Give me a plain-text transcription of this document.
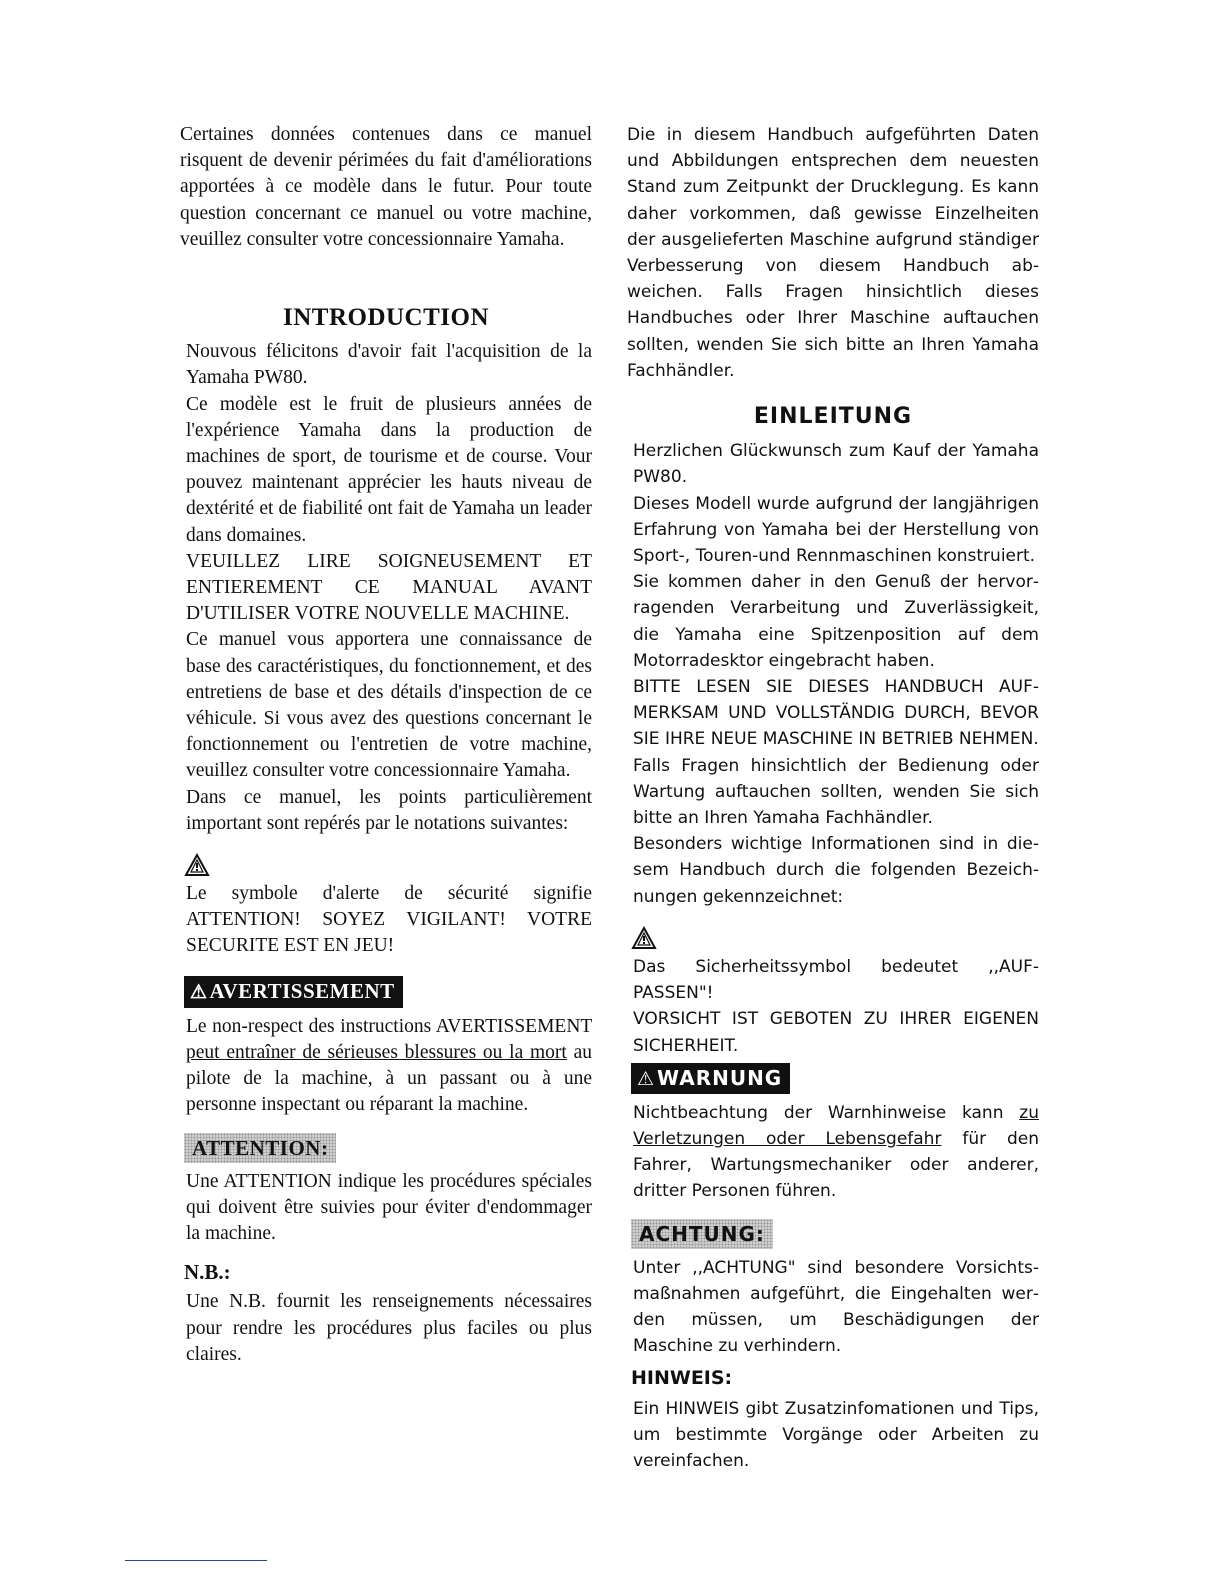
Certaines données contenues dans ce manuel risquent de devenir périmées du fait d'améliorations apportées à ce modèle dans le futur. Pour toute question concernant ce manuel ou votre machine, veuillez consulter votre concessionnaire Yamaha.

INTRODUCTION

Nouvous félicitons d'avoir fait l'acquisition de la Yamaha PW80.

Ce modèle est le fruit de plusieurs années de l'expérience Yamaha dans la production de machines de sport, de tourisme et de course. Vour pouvez maintenant apprécier les hauts niveau de dextérité et de fiabilité ont fait de Yamaha un leader dans domaines.

VEUILLEZ LIRE SOIGNEUSEMENT ET ENTIEREMENT CE MANUAL AVANT D'UTILISER VOTRE NOUVELLE MACHINE.

Ce manuel vous apportera une connaissance de base des caractéristiques, du fonctionnement, et des entretiens de base et des détails d'inspection de ce véhicule. Si vous avez des questions concernant le fonctionnement ou l'entretien de votre machine, veuillez consulter votre concessionnaire Yamaha.

Dans ce manuel, les points particulièrement important sont repérés par le notations suivantes:

Le symbole d'alerte de sécurité signifie ATTENTION! SOYEZ VIGILANT! VOTRE SECURITE EST EN JEU!

⚠AVERTISSEMENT

Le non-respect des instructions AVERTISSEMENT peut entraîner de sérieuses blessures ou la mort au pilote de la machine, à un passant ou à une personne inspectant ou réparant la machine.

ATTENTION:

Une ATTENTION indique les procédures spéciales qui doivent être suivies pour éviter d'endommager la machine.

N.B.:

Une N.B. fournit les renseignements nécessaires pour rendre les procédures plus faciles ou plus claires.

Die in diesem Handbuch aufgeführten Daten und Abbildungen entsprechen dem neuesten Stand zum Zeitpunkt der Drucklegung. Es kann daher vorkommen, daß gewisse Einzelheiten der ausgelieferten Maschine aufgrund ständiger Verbesserung von diesem Handbuch abweichen. Falls Fragen hinsichtlich dieses Handbuches oder Ihrer Maschine auftauchen sollten, wenden Sie sich bitte an Ihren Yamaha Fachhändler.

EINLEITUNG

Herzlichen Glückwunsch zum Kauf der Yamaha PW80.

Dieses Modell wurde aufgrund der langjährigen Erfahrung von Yamaha bei der Herstellung von Sport-, Touren-und Rennmaschinen konstruiert.

Sie kommen daher in den Genuß der hervorragenden Verarbeitung und Zuverlässigkeit, die Yamaha eine Spitzenposition auf dem Motorradesktor eingebracht haben.

BITTE LESEN SIE DIESES HANDBUCH AUFMERKSAM UND VOLLSTÄNDIG DURCH, BEVOR SIE IHRE NEUE MASCHINE IN BETRIEB NEHMEN.

Falls Fragen hinsichtlich der Bedienung oder Wartung auftauchen sollten, wenden Sie sich bitte an Ihren Yamaha Fachhändler.

Besonders wichtige Informationen sind in diesem Handbuch durch die folgenden Bezeichnungen gekennzeichnet:

Das Sicherheitssymbol bedeutet ,,AUFPASSEN"!

VORSICHT IST GEBOTEN ZU IHRER EIGENEN SICHERHEIT.

⚠ WARNUNG

Nichtbeachtung der Warnhinweise kann zu Verletzungen oder Lebensgefahr für den Fahrer, Wartungsmechaniker oder anderer, dritter Personen führen.

ACHTUNG:

Unter ,,ACHTUNG" sind besondere Vorsichtsmaßnahmen aufgeführt, die Eingehalten werden müssen, um Beschädigungen der Maschine zu verhindern.

HINWEIS:

Ein HINWEIS gibt Zusatzinfomationen und Tips, um bestimmte Vorgänge oder Arbeiten zu vereinfachen.
